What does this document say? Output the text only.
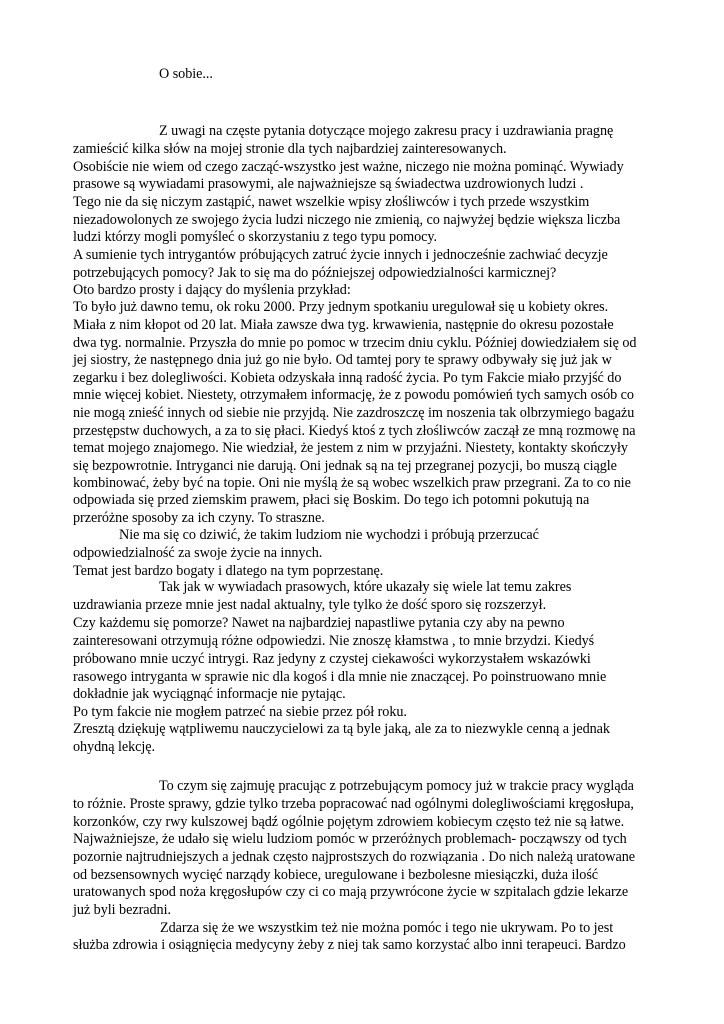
O sobie...
Z uwagi na częste pytania dotyczące mojego zakresu pracy i uzdrawiania pragnę
zamieścić kilka słów na mojej stronie dla tych najbardziej zainteresowanych.
Osobiście nie wiem od czego zacząć-wszystko jest ważne, niczego nie można pominąć. Wywiady
prasowe są wywiadami prasowymi, ale najważniejsze są świadectwa uzdrowionych ludzi .
Tego nie da się niczym zastąpić, nawet wszelkie wpisy złośliwców i tych przede wszystkim
niezadowolonych ze swojego życia ludzi niczego nie zmienią, co najwyżej będzie większa liczba
ludzi którzy mogli pomyśleć o skorzystaniu z tego typu pomocy.
A sumienie tych intrygantów próbujących zatruć życie innych i jednocześnie zachwiać decyzje
potrzebujących pomocy? Jak to się ma do późniejszej odpowiedzialności karmicznej?
Oto bardzo prosty i dający do myślenia przykład:
To było już dawno temu, ok roku 2000. Przy jednym spotkaniu uregulował się u kobiety okres.
Miała z nim kłopot od 20 lat. Miała zawsze dwa tyg. krwawienia, następnie do okresu pozostałe
dwa tyg. normalnie. Przyszła do mnie po pomoc w trzecim dniu cyklu. Później dowiedziałem się od
jej siostry, że następnego dnia już go nie było. Od tamtej pory te sprawy odbywały się już jak w
zegarku i bez dolegliwości. Kobieta odzyskała inną radość życia. Po tym Fakcie miało przyjść do
mnie więcej kobiet. Niestety, otrzymałem informację, że z powodu pomówień tych samych osób co
nie mogą znieść innych od siebie nie przyjdą. Nie zazdroszczę im noszenia tak olbrzymiego bagażu
przestępstw duchowych, a za to się płaci. Kiedyś ktoś z tych złośliwców zaczął ze mną rozmowę na
temat mojego znajomego. Nie wiedział, że jestem z nim w przyjaźni. Niestety, kontakty skończyły
się bezpowrotnie. Intryganci nie darują. Oni jednak są na tej przegranej pozycji, bo muszą ciągle
kombinować, żeby być na topie. Oni nie myślą że są wobec wszelkich praw przegrani. Za to co nie
odpowiada się przed ziemskim prawem, płaci się Boskim. Do tego ich potomni pokutują na
przeróżne sposoby za ich czyny. To straszne.
Nie ma się co dziwić, że takim ludziom nie wychodzi i próbują przerzucać
odpowiedzialność za swoje życie na innych.
Temat jest bardzo bogaty i dlatego na tym poprzestanę.
Tak jak w wywiadach prasowych, które ukazały się wiele lat temu zakres
uzdrawiania przeze mnie jest nadal aktualny, tyle tylko że dość sporo się rozszerzył.
Czy każdemu się pomorze? Nawet na najbardziej napastliwe pytania czy aby na pewno
zainteresowani otrzymują różne odpowiedzi. Nie znoszę kłamstwa , to mnie brzydzi. Kiedyś
próbowano mnie uczyć intrygi. Raz jedyny z czystej ciekawości wykorzystałem wskazówki
rasowego intryganta w sprawie nic dla kogoś i dla mnie nie znaczącej. Po poinstruowano mnie
dokładnie jak wyciągnąć informacje nie pytając.
Po tym fakcie nie mogłem patrzeć na siebie przez pół roku.
Zresztą dziękuję wątpliwemu nauczycielowi za tą byle jaką, ale za to niezwykle cenną a jednak
ohydną lekcję.
To czym się zajmuję pracując z potrzebującym pomocy już w trakcie pracy wygląda
to różnie. Proste sprawy, gdzie tylko trzeba popracować nad ogólnymi dolegliwościami kręgosłupa,
korzonków, czy rwy kulszowej bądź ogólnie pojętym zdrowiem kobiecym często też nie są łatwe.
Najważniejsze, że udało się wielu ludziom pomóc w przeróżnych problemach- począwszy od tych
pozornie najtrudniejszych a jednak często najprostszych do rozwiązania . Do nich należą uratowane
od bezsensownych wycięć narządy kobiece, uregulowane i bezbolesne miesiączki, duża ilość
uratowanych spod noża kręgosłupów czy ci co mają przywrócone życie w szpitalach gdzie lekarze
już byli bezradni.
Zdarza się że we wszystkim też nie można pomóc i tego nie ukrywam. Po to jest
służba zdrowia i osiągnięcia medycyny żeby z niej tak samo korzystać albo inni terapeuci. Bardzo
